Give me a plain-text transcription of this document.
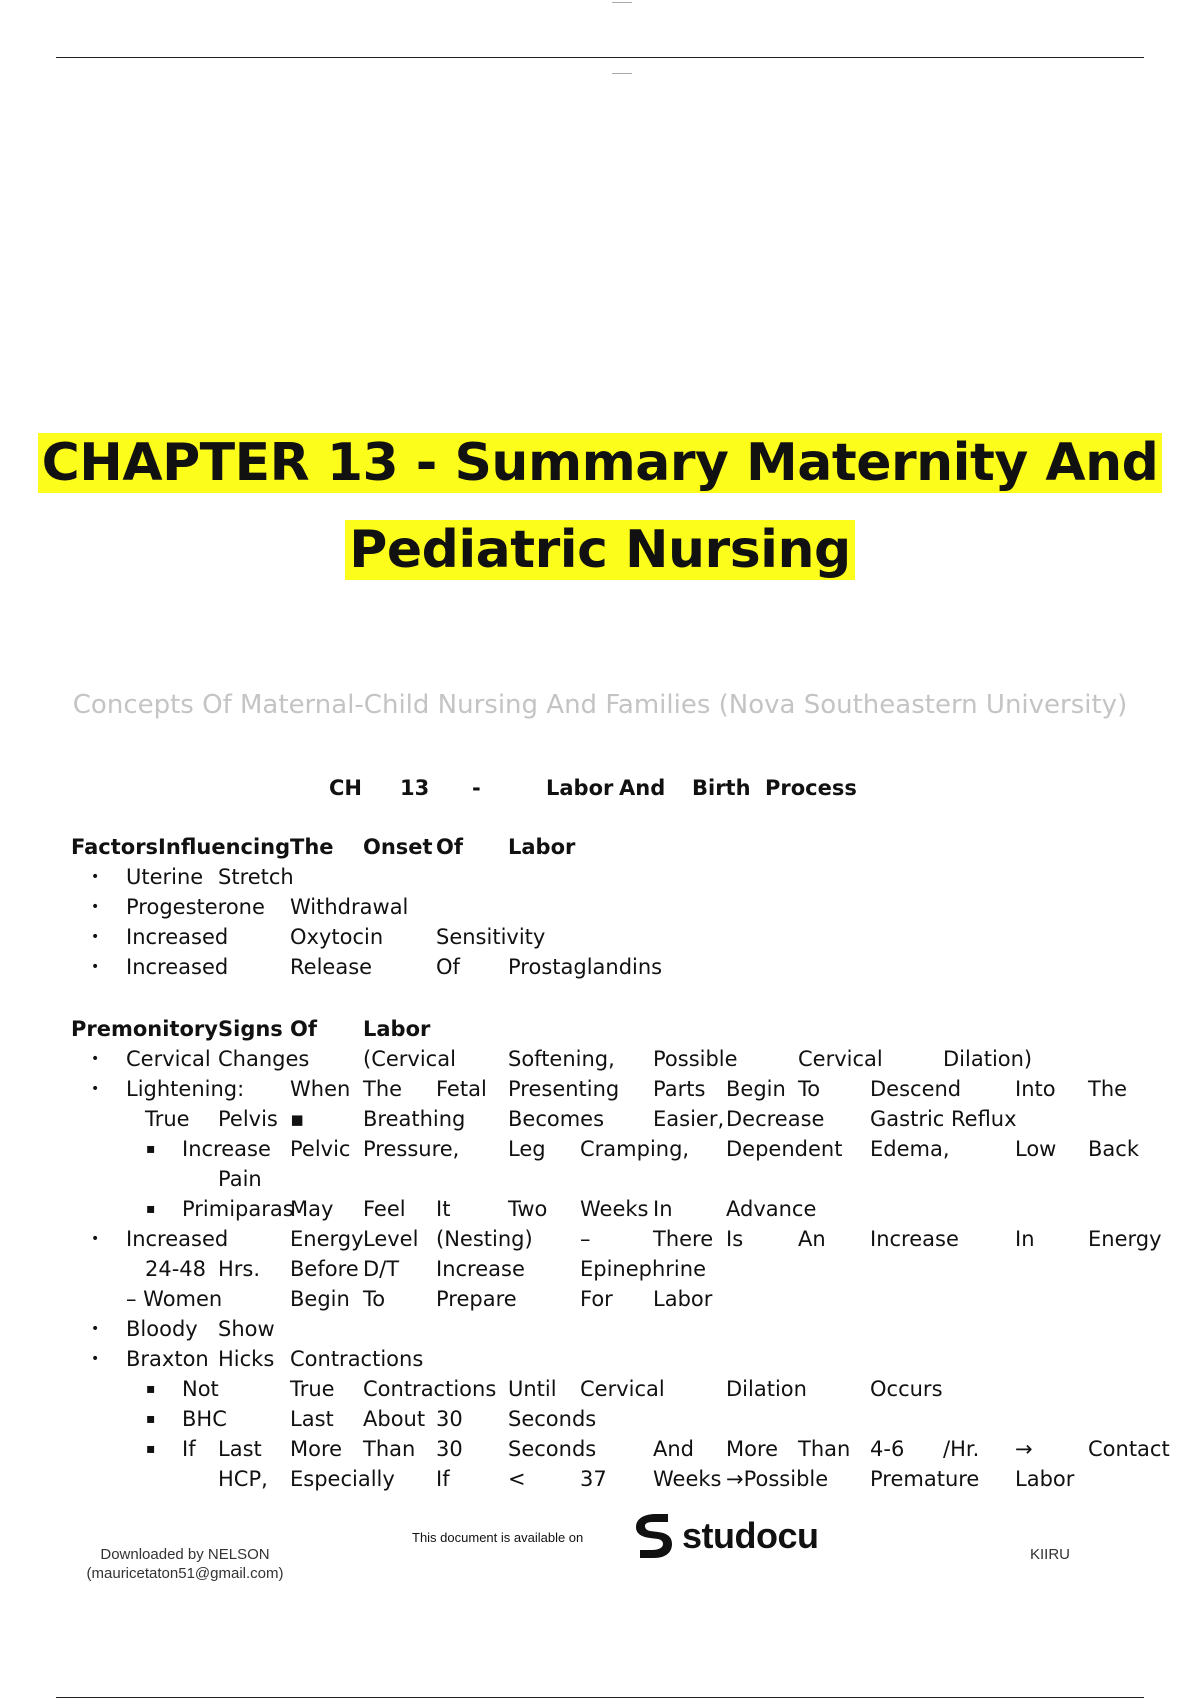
CHAPTER 13 - Summary Maternity And Pediatric Nursing
Concepts Of Maternal-Child Nursing And Families (Nova Southeastern University)
CH 13 -	Labor And Birth Process
FactorsInfluencing The Onset Of Labor
• Uterine Stretch
• Progesterone Withdrawal
• Increased	Oxytocin	Sensitivity
• Increased	Release	Of Prostaglandins
Premonitory Signs Of Labor
• Cervical Changes	(Cervical Softening, Possible	Cervical	Dilation)
• Lightening: When The Fetal Presenting Parts Begin To Descend	Into The
True Pelvis ▪	Breathing Becomes Easier, Decrease Gastric Reflux
▪ Increase Pelvic Pressure, Leg Cramping, Dependent Edema,	Low Back
Pain
▪ Primiparas
May Feel It	Two Weeks In	Advance
• Increased	Energy Level (Nesting) –	There Is	An Increase	In	Energy
24-48 Hrs. Before D/T Increase	Epinephrine
– Women	Begin To Prepare	For Labor
• Bloody Show
• Braxton Hicks Contractions
▪ Not	True Contractions Until Cervical	Dilation	Occurs
▪ BHC	Last About 30 Seconds
▪ If Last More Than 30 Seconds	And More Than 4-6 /Hr. →	Contact
HCP, Especially If	<	37 Weeks →Possible Premature Labor
Downloaded by NELSON
(mauricetaton51@gmail.com)
This document is available on	studocu	KIIRU
